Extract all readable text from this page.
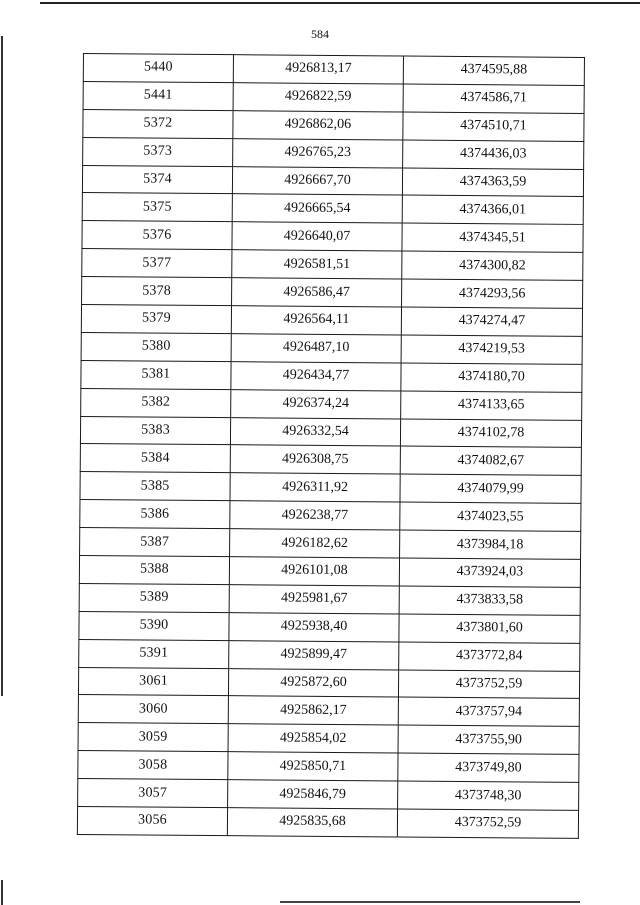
584
5440	4926813,17	4374595,88
5441	4926822,59	4374586,71
5372	4926862,06	4374510,71
5373	4926765,23	4374436,03
5374	4926667,70	4374363,59
5375	4926665,54	4374366,01
5376	4926640,07	4374345,51
5377	4926581,51	4374300,82
5378	4926586,47	4374293,56
5379	4926564,11	4374274,47
5380	4926487,10	4374219,53
5381	4926434,77	4374180,70
5382	4926374,24	4374133,65
5383	4926332,54	4374102,78
5384	4926308,75	4374082,67
5385	4926311,92	4374079,99
5386	4926238,77	4374023,55
5387	4926182,62	4373984,18
5388	4926101,08	4373924,03
5389	4925981,67	4373833,58
5390	4925938,40	4373801,60
5391	4925899,47	4373772,84
3061	4925872,60	4373752,59
3060	4925862,17	4373757,94
3059	4925854,02	4373755,90
3058	4925850,71	4373749,80
3057	4925846,79	4373748,30
3056	4925835,68	4373752,59
